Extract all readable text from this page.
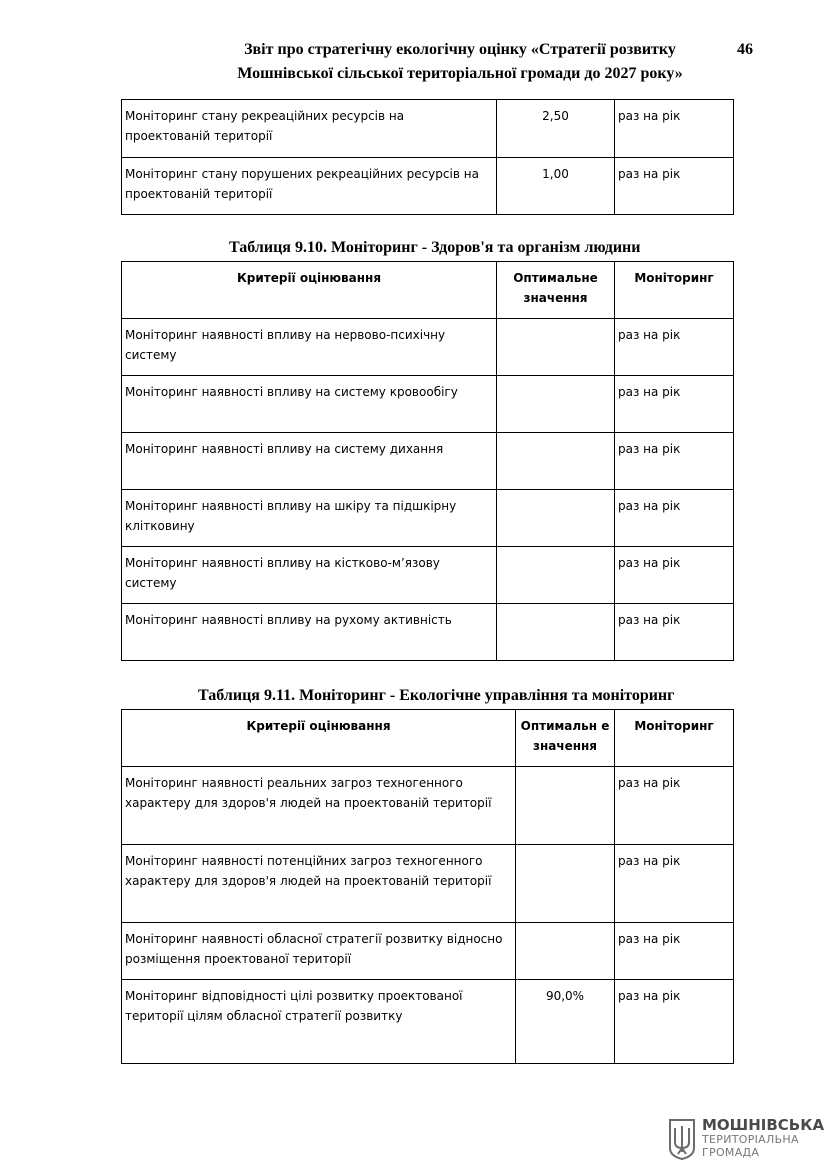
Звіт про стратегічну екологічну оцінку «Стратегії розвитку
Мошнівської сільської територіальної громади до 2027 року»
46
Моніторинг стану рекреаційних ресурсів на проектованій території	2,50	раз на рік
Моніторинг стану порушених рекреаційних ресурсів на проектованій території	1,00	раз на рік
Таблиця 9.10. Моніторинг - Здоров'я та організм людини
Критерії оцінювання	Оптимальне значення	Моніторинг
Моніторинг наявності впливу на нервово-психічну систему		раз на рік
Моніторинг наявності впливу на систему кровообігу		раз на рік
Моніторинг наявності впливу на систему дихання		раз на рік
Моніторинг наявності впливу на шкіру та підшкірну клітковину		раз на рік
Моніторинг наявності впливу на кістково-м’язову систему		раз на рік
Моніторинг наявності впливу на рухому активність		раз на рік
Таблиця 9.11. Моніторинг - Екологічне управління та моніторинг
Критерії оцінювання	Оптимальн е значення	Моніторинг
Моніторинг наявності реальних загроз техногенного характеру для здоров'я людей на проектованій території		раз на рік
Моніторинг наявності потенційних загроз техногенного характеру для здоров'я людей на проектованій території		раз на рік
Моніторинг наявності обласної стратегії розвитку відносно розміщення проектованої території		раз на рік
Моніторинг відповідності цілі розвитку проектованої території цілям обласної стратегії розвитку	90,0%	раз на рік
МОШНІВСЬКА
ТЕРИТОРІАЛЬНА
ГРОМАДА
